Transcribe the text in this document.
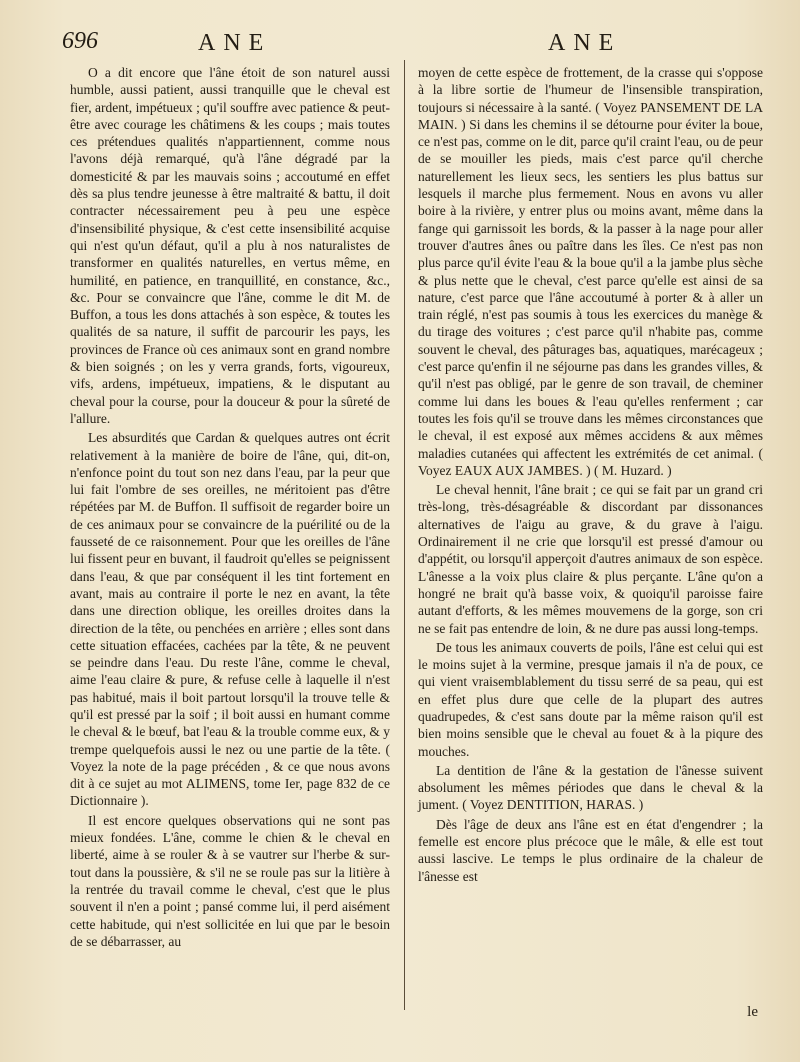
696	ANE	ANE

O a dit encore que l'âne étoit de son naturel aussi humble, aussi patient, aussi tranquille que le cheval est fier, ardent, impétueux ; qu'il souffre avec patience & peut-être avec courage les châtimens & les coups ; mais toutes ces prétendues qualités n'appartiennent, comme nous l'avons déjà remarqué, qu'à l'âne dégradé par la domesticité & par les mauvais soins ; accoutumé en effet dès sa plus tendre jeunesse à être maltraité & battu, il doit contracter nécessairement peu à peu une espèce d'insensibilité physique, & c'est cette insensibilité acquise qui n'est qu'un défaut, qu'il a plu à nos naturalistes de transformer en qualités naturelles, en vertus même, en humilité, en patience, en tranquillité, en constance, &c., &c. Pour se convaincre que l'âne, comme le dit M. de Buffon, a tous les dons attachés à son espèce, & toutes les qualités de sa nature, il suffit de parcourir les pays, les provinces de France où ces animaux sont en grand nombre & bien soignés ; on les y verra grands, forts, vigoureux, vifs, ardens, impétueux, impatiens, & le disputant au cheval pour la course, pour la douceur & pour la sûreté de l'allure.

Les absurdités que Cardan & quelques autres ont écrit relativement à la manière de boire de l'âne, qui, dit-on, n'enfonce point du tout son nez dans l'eau, par la peur que lui fait l'ombre de ses oreilles, ne méritoient pas d'être répétées par M. de Buffon. Il suffisoit de regarder boire un de ces animaux pour se convaincre de la puérilité ou de la fausseté de ce raisonnement. Pour que les oreilles de l'âne lui fissent peur en buvant, il faudroit qu'elles se peignissent dans l'eau, & que par conséquent il les tint fortement en avant, mais au contraire il porte le nez en avant, la tête dans une direction oblique, les oreilles droites dans la direction de la tête, ou penchées en arrière ; elles sont dans cette situation effacées, cachées par la tête, & ne peuvent se peindre dans l'eau. Du reste l'âne, comme le cheval, aime l'eau claire & pure, & refuse celle à laquelle il n'est pas habitué, mais il boit partout lorsqu'il la trouve telle & qu'il est pressé par la soif ; il boit aussi en humant comme le cheval & le bœuf, bat l'eau & la trouble comme eux, & y trempe quelquefois aussi le nez ou une partie de la tête. ( Voyez la note de la page précéden , & ce que nous avons dit à ce sujet au mot ALIMENS, tome Ier, page 832 de ce Dictionnaire ).

Il est encore quelques observations qui ne sont pas mieux fondées. L'âne, comme le chien & le cheval en liberté, aime à se rouler & à se vautrer sur l'herbe & sur-tout dans la poussière, & s'il ne se roule pas sur la litière à la rentrée du travail comme le cheval, c'est que le plus souvent il n'en a point ; pansé comme lui, il perd aisément cette habitude, qui n'est sollicitée en lui que par le besoin de se débarrasser, au

moyen de cette espèce de frottement, de la crasse qui s'oppose à la libre sortie de l'humeur de l'insensible transpiration, toujours si nécessaire à la santé. ( Voyez PANSEMENT DE LA MAIN. ) Si dans les chemins il se détourne pour éviter la boue, ce n'est pas, comme on le dit, parce qu'il craint l'eau, ou de peur de se mouiller les pieds, mais c'est parce qu'il cherche naturellement les lieux secs, les sentiers les plus battus sur lesquels il marche plus fermement. Nous en avons vu aller boire à la rivière, y entrer plus ou moins avant, même dans la fange qui garnissoit les bords, & la passer à la nage pour aller trouver d'autres ânes ou paître dans les îles. Ce n'est pas non plus parce qu'il évite l'eau & la boue qu'il a la jambe plus sèche & plus nette que le cheval, c'est parce qu'elle est ainsi de sa nature, c'est parce que l'âne accoutumé à porter & à aller un train réglé, n'est pas soumis à tous les exercices du manège & du tirage des voitures ; c'est parce qu'il n'habite pas, comme souvent le cheval, des pâturages bas, aquatiques, marécageux ; c'est parce qu'enfin il ne séjourne pas dans les grandes villes, & qu'il n'est pas obligé, par le genre de son travail, de cheminer comme lui dans les boues & l'eau qu'elles renferment ; car toutes les fois qu'il se trouve dans les mêmes circonstances que le cheval, il est exposé aux mêmes accidens & aux mêmes maladies cutanées qui affectent les extrémités de cet animal. ( Voyez EAUX AUX JAMBES. ) ( M. Huzard. )

Le cheval hennit, l'âne brait ; ce qui se fait par un grand cri très-long, très-désagréable & discordant par dissonances alternatives de l'aigu au grave, & du grave à l'aigu. Ordinairement il ne crie que lorsqu'il est pressé d'amour ou d'appétit, ou lorsqu'il apperçoit d'autres animaux de son espèce. L'ânesse a la voix plus claire & plus perçante. L'âne qu'on a hongré ne brait qu'à basse voix, & quoiqu'il paroisse faire autant d'efforts, & les mêmes mouvemens de la gorge, son cri ne se fait pas entendre de loin, & ne dure pas aussi long-temps.

De tous les animaux couverts de poils, l'âne est celui qui est le moins sujet à la vermine, presque jamais il n'a de poux, ce qui vient vraisemblablement du tissu serré de sa peau, qui est en effet plus dure que celle de la plupart des autres quadrupedes, & c'est sans doute par la même raison qu'il est bien moins sensible que le cheval au fouet & à la piqure des mouches.

La dentition de l'âne & la gestation de l'ânesse suivent absolument les mêmes périodes que dans le cheval & la jument. ( Voyez DENTITION, HARAS. )

Dès l'âge de deux ans l'âne est en état d'engendrer ; la femelle est encore plus précoce que le mâle, & elle est tout aussi lascive. Le temps le plus ordinaire de la chaleur de l'ânesse est

le
